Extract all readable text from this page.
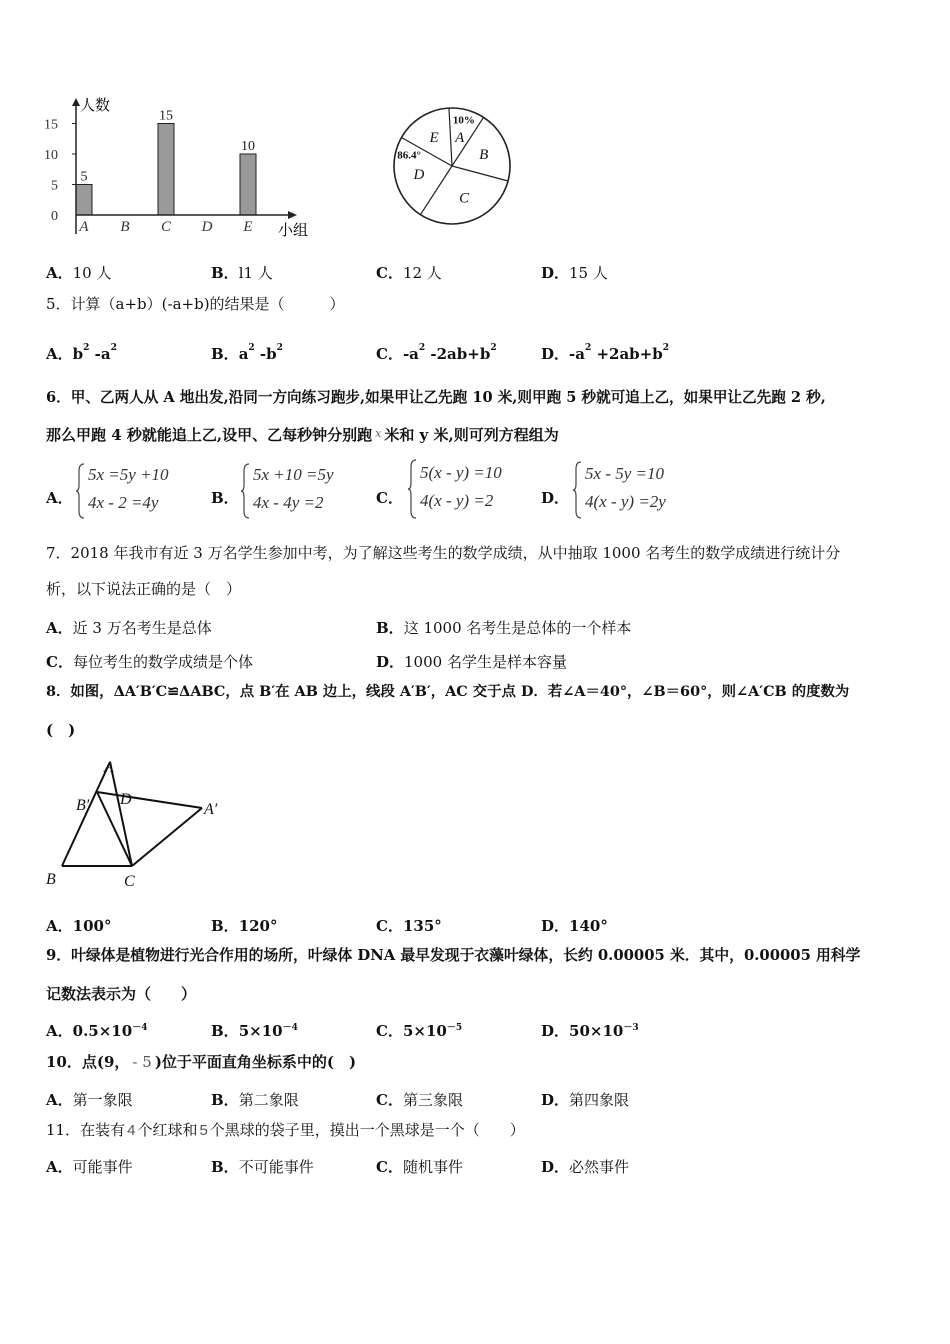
0
5
10
15
5
A B
15
C D
10
E
人数
小组
A
10%
B
C
D
86.4°
E
A．10 人	B．l1 人	C．12 人	D．15 人
5．计算（a+b）(-a+b)的结果是（　　　）
A．$b^2$ $-a^2$	B．$a^2$ $-b^2$	C．$-a^2$ $-2ab+b^2$	D．$-a^2 +2ab+b^2$
6．甲、乙两人从 A 地出发,沿同一方向练习跑步,如果甲让乙先跑 10 米,则甲跑 5 秒就可追上乙，如果甲让乙先跑 2 秒,
那么甲跑 4 秒就能追上乙,设甲、乙每秒钟分别跑 $^x$ 米和 y 米,则可列方程组为
A．
5x =5y +10
4x - 2 =4y	B．
5x +10 =5y
4x - 4y =2	C．
5(x - y) =10
4(x - y) =2	D．
5x - 5y =10
4(x - y) =2y
7．2018 年我市有近 3 万名学生参加中考，为了解这些考生的数学成绩，从中抽取 1000 名考生的数学成绩进行统计分
析，以下说法正确的是（　）
A．近 3 万名考生是总体	B．这 1000 名考生是总体的一个样本
C．每位考生的数学成绩是个体	D．1000 名学生是样本容量
8．如图，ΔA′B′C≌ΔABC，点 B′在 AB 边上，线段 A′B′，AC 交于点 D．若∠A＝40°，∠B＝60°，则∠A′CB 的度数为
(　)
A
B′ D
A′
B	C
A．100°	B．120°	C．135°	D．140°
9．叶绿体是植物进行光合作用的场所，叶绿体 DNA 最早发现于衣藻叶绿体，长约 0.00005 米．其中，0.00005 用科学
记数法表示为（　　）
A．$0.5\times 10^{-4}$	B．$5\times 10^{-4}$	C．$5\times 10^{-5}$	D．$50\times 10^{-3}$
10．点(9， - 5 )位于平面直角坐标系中的(　)
A．第一象限	B．第二象限	C．第三象限	D．第四象限
11．在装有 4 个红球和 5 个黑球的袋子里，摸出一个黑球是一个（　　）
A．可能事件	B．不可能事件	C．随机事件	D．必然事件
